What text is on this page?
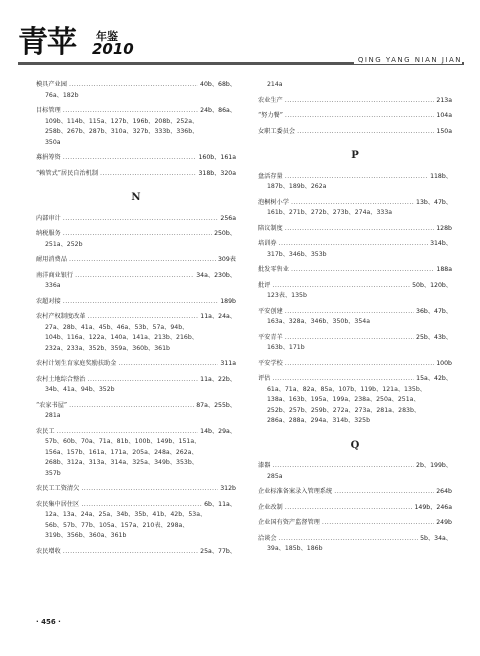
青苹 年鉴
2010
QING YANG NIAN JIAN
模具产业园 .....	40b、68b、
76a、182b
目标管理 .....	24b、86a、
109b、114b、115a、127b、196b、208b、252a、
258b、267b、287b、310a、327b、333b、336b、
350a
募捐筹资 .....	160b、161a
“赖管式”居民自治机制 .....	318b、320a
N
内部审计 .....	256a
纳税服务 .....	250b、
251a、252b
耐用消费品 .....	309表
南洋商业银行 .....	34a、230b、
336a
农超对接 .....	189b
农村产权制度改革 .....	11a、24a、
27a、28b、41a、45b、46a、53b、57a、94b、
104b、116a、122a、140a、141a、213b、216b、
232a、233a、352b、359a、360b、361b
农村计划生育家庭奖励扶助金 .....	311a
农村土地综合整治 .....	11a、22b、
34b、41a、94b、352b
“农家书屋” .....	87a、255b、
281a
农民工 .....	14b、29a、
57b、60b、70a、71a、81b、100b、149b、151a、
156a、157b、161a、171a、205a、248a、262a、
268b、312a、313a、314a、325a、349b、353b、
357b
农民工工资清欠 .....	312b
农民集中居住区 .....	6b、11a、
12a、13a、24a、25a、34b、35b、41b、42b、53a、
56b、57b、77b、105a、157a、210表、298a、
319b、356b、360a、361b
农民增收 .....	25a、77b、
214a
农业生产 .....	213a
“努力餐” .....	104a
女职工委员会 .....	150a
P
盘活存量 .....	118b、
187b、189b、262a
泡桐树小学 .....	13b、47b、
161b、271b、272b、273b、274a、333a
陪议制度 .....	128b
培训券 .....	314b、
317b、346b、353b
批发零售业 .....	188a
批评 .....	50b、120b、
123表、135b
平安创建 .....	36b、47b、
163a、328a、346b、350b、354a
平安青羊 .....	25b、43b、
163b、171b
平安学校 .....	100b
评估 .....	15a、42b、
61a、71a、82a、85a、107b、119b、121a、135b、
138a、163b、195a、199a、238a、250a、251a、
252b、257b、259b、272a、273a、281a、283b、
286a、288a、294a、314b、325b
Q
漆器 .....	2b、199b、
285a
企业标准备案录入管理系统 .....	264b
企业改制 .....	149b、246a
企业国有资产监督管理 .....	249b
洽谈会 .....	5b、34a、
39a、185b、186b
· 456 ·
